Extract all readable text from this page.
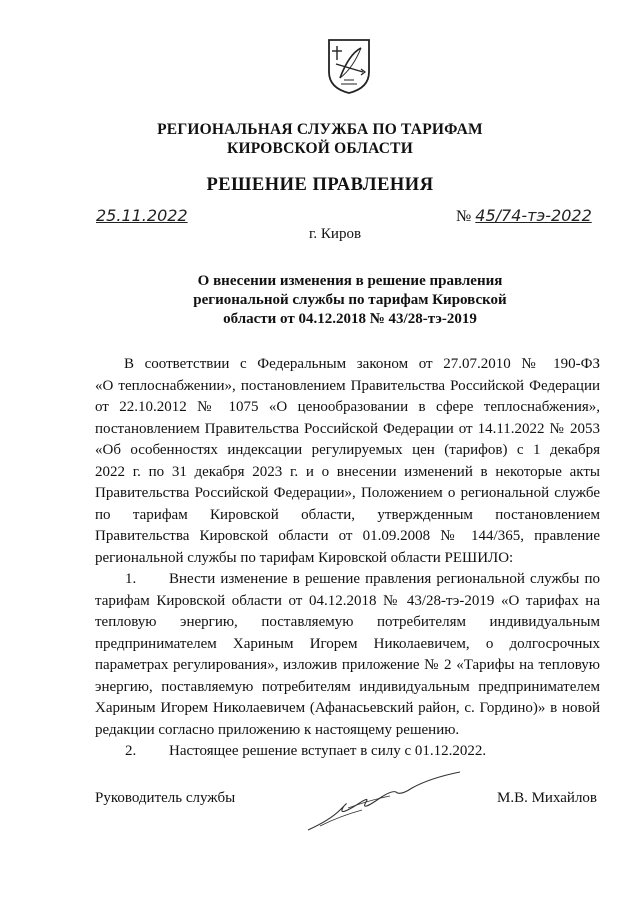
РЕГИОНАЛЬНАЯ СЛУЖБА ПО ТАРИФАМ
КИРОВСКОЙ ОБЛАСТИ
РЕШЕНИЕ ПРАВЛЕНИЯ
25.11.2022	№ 45/74-тэ-2022
г. Киров
О внесении изменения в решение правления
региональной службы по тарифам Кировской
области от 04.12.2018 № 43/28-тэ-2019
В соответствии с Федеральным законом от 27.07.2010 № 190-ФЗ
«О теплоснабжении», постановлением Правительства Российской Федерации
от 22.10.2012 № 1075 «О ценообразовании в сфере теплоснабжения»,
постановлением Правительства Российской Федерации от 14.11.2022 № 2053
«Об особенностях индексации регулируемых цен (тарифов) с 1 декабря
2022 г. по 31 декабря 2023 г. и о внесении изменений в некоторые акты
Правительства Российской Федерации», Положением о региональной службе
по тарифам Кировской области, утвержденным постановлением
Правительства Кировской области от 01.09.2008 № 144/365, правление
региональной службы по тарифам Кировской области РЕШИЛО:
1. Внести изменение в решение правления региональной службы по
тарифам Кировской области от 04.12.2018 № 43/28-тэ-2019 «О тарифах на
тепловую энергию, поставляемую потребителям индивидуальным
предпринимателем Хариным Игорем Николаевичем, о долгосрочных
параметрах регулирования», изложив приложение № 2 «Тарифы на тепловую
энергию, поставляемую потребителям индивидуальным предпринимателем
Хариным Игорем Николаевичем (Афанасьевский район, с. Гордино)» в новой
редакции согласно приложению к настоящему решению.
2. Настоящее решение вступает в силу с 01.12.2022.
Руководитель службы	М.В. Михайлов
